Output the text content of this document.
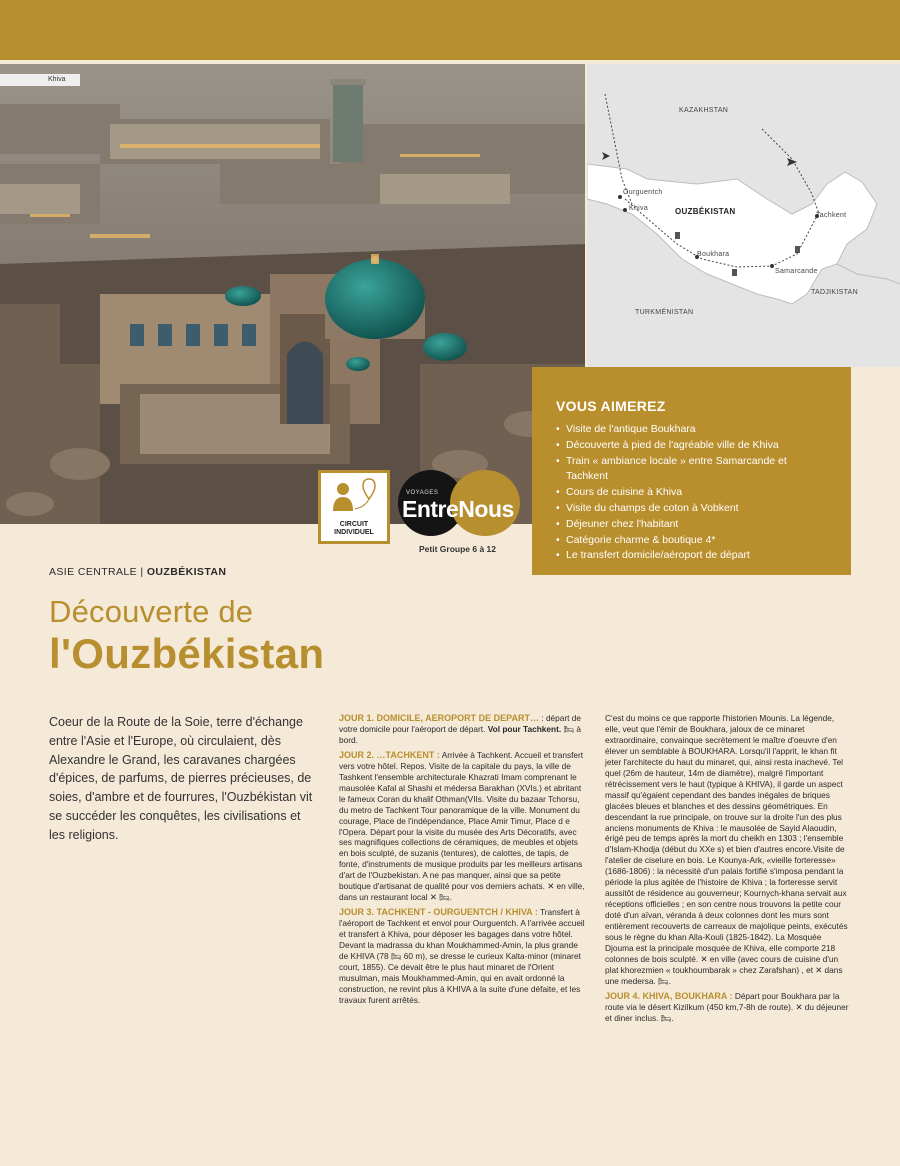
Khiva
KAZAKHSTAN
OUZBÉKISTAN
TURKMÉNISTAN
TADJIKISTAN
Ourguentch
Khiva
Boukhara
Samarcande
Tachkent
VOUS AIMEREZ
• Visite de l'antique Boukhara
• Découverte à pied de l'agréable ville de Khiva
• Train « ambiance locale » entre Samarcande et Tachkent
• Cours de cuisine à Khiva
• Visite du champs de coton à Vobkent
• Déjeuner chez l'habitant
• Catégorie charme & boutique 4*
• Le transfert domicile/aéroport de départ
CIRCUIT
INDIVIDUEL
VOYAGES
EntreNous
Petit Groupe 6 à 12
ASIE CENTRALE | OUZBÉKISTAN
Découverte de
l'Ouzbékistan
Coeur de la Route de la Soie, terre d'échange entre l'Asie et l'Europe, où circulaient, dès Alexandre le Grand, les caravanes chargées d'épices, de parfums, de pierres précieuses, de soies, d'ambre et de fourrures, l'Ouzbékistan vit se succéder les conquêtes, les civilisations et les religions.

JOUR 1. DOMICILE, AEROPORT DE DEPART… : départ de votre domicile pour l'aéroport de départ. Vol pour Tachkent. 🛏 à bord.

JOUR 2. …TACHKENT : Arrivée à Tachkent. Accueil et transfert vers votre hôtel. Repos. Visite de la capitale du pays, la ville de Tashkent l'ensemble architecturale Khazrati Imam comprenant le mausolée Kafal al Shashi et médersa Barakhan (XVIs.) et abritant le fameux Coran du khalif Othman(VIIs. Visite du bazaar Tchorsu, du metro de Tachkent Tour panoramique de la ville. Monument du courage, Place de l'indépendance, Place Amir Timur, Place d e l'Opera. Départ pour la visite du musée des Arts Décoratifs, avec ses magnifiques collections de céramiques, de meubles et objets en bois sculpté, de suzanis (tentures), de calottes, de tapis, de fonte, d'instruments de musique produits par les meilleurs artisans d'art de l'Ouzbekistan. A ne pas manquer, ainsi que sa petite boutique d'artisanat de qualité pour vos derniers achats. ✕ en ville, dans un restaurant local ✕ 🛏.

JOUR 3. TACHKENT - OURGUENTCH / KHIVA : Transfert à l'aéroport de Tachkent et envol pour Ourguentch. A l'arrivée accueil et transfert à Khiva, pour déposer les bagages dans votre hôtel. Devant la madrassa du khan Moukhammed-Amin, la plus grande de KHIVA (78 🛏 60 m), se dresse le curieux Kalta-minor (minaret court, 1855). Ce devait être le plus haut minaret de l'Orient musulman, mais Moukhammed-Amin, qui en avait ordonné la construction, ne revint plus à KHIVA à la suite d'une défaite, et les travaux furent arrêtés.

C'est du moins ce que rapporte l'historien Mounis. La légende, elle, veut que l'émir de Boukhara, jaloux de ce minaret extraordinaire, convainque secrètement le maître d'oeuvre d'en élever un semblable à BOUKHARA. Lorsqu'il l'apprit, le khan fit jeter l'architecte du haut du minaret, qui, ainsi resta inachevé. Tel quel (26m de hauteur, 14m de diamètre), malgré l'important rétrécissement vers le haut (typique à KHIVA), il garde un aspect massif qu'égaient cependant des bandes inégales de briques glacées bleues et blanches et des dessins géométriques. En descendant la rue principale, on trouve sur la droite l'un des plus anciens monuments de Khiva : le mausolée de Sayid Alaoudin, érigé peu de temps après la mort du cheikh en 1303 ; l'ensemble d'Islam-Khodja (début du XXe s) et bien d'autres encore.Visite de l'atelier de ciselure en bois. Le Kounya-Ark, «vieille forteresse» (1686-1806) : la nécessité d'un palais fortifié s'imposa pendant la période la plus agitée de l'histoire de Khiva ; la forteresse servit aussitôt de résidence au gouverneur; Kournych-khana servait aux réceptions officielles ; en son centre nous trouvons la petite cour doté d'un aïvan, véranda à deux colonnes dont les murs sont entièrement recouverts de carreaux de majolique peints, exécutés sous le règne du khan Alla-Kouli (1825-1842). La Mosquée Djouma est la principale mosquée de Khiva, elle comporte 218 colonnes de bois sculpté. ✕ en ville (avec cours de cuisine d'un plat khorezmien « toukhoumbarak » chez Zarafshan) , et ✕ dans une medersa. 🛏.

JOUR 4. KHIVA, BOUKHARA : Départ pour Boukhara par la route via le désert Kizilkum (450 km,7-8h de route). ✕ du déjeuner et diner inclus. 🛏.
